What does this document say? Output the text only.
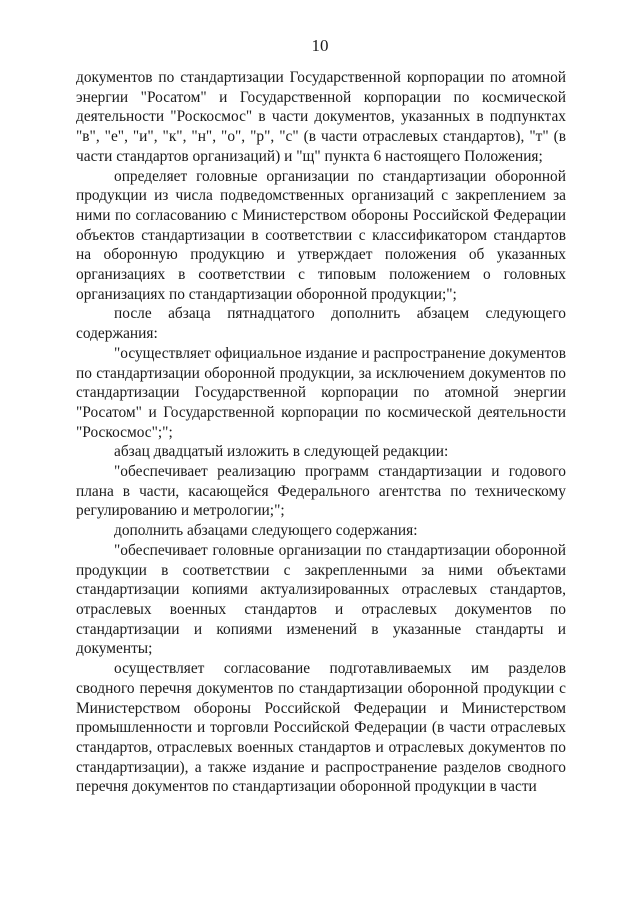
10

документов по стандартизации Государственной корпорации по атомной энергии "Росатом" и Государственной корпорации по космической деятельности "Роскосмос" в части документов, указанных в подпунктах "в", "е", "и", "к", "н", "о", "р", "с" (в части отраслевых стандартов), "т" (в части стандартов организаций) и "щ" пункта 6 настоящего Положения;

определяет головные организации по стандартизации оборонной продукции из числа подведомственных организаций с закреплением за ними по согласованию с Министерством обороны Российской Федерации объектов стандартизации в соответствии с классификатором стандартов на оборонную продукцию и утверждает положения об указанных организациях в соответствии с типовым положением о головных организациях по стандартизации оборонной продукции;";

после абзаца пятнадцатого дополнить абзацем следующего содержания:

"осуществляет официальное издание и распространение документов по стандартизации оборонной продукции, за исключением документов по стандартизации Государственной корпорации по атомной энергии "Росатом" и Государственной корпорации по космической деятельности "Роскосмос";";

абзац двадцатый изложить в следующей редакции:

"обеспечивает реализацию программ стандартизации и годового плана в части, касающейся Федерального агентства по техническому регулированию и метрологии;";

дополнить абзацами следующего содержания:

"обеспечивает головные организации по стандартизации оборонной продукции в соответствии с закрепленными за ними объектами стандартизации копиями актуализированных отраслевых стандартов, отраслевых военных стандартов и отраслевых документов по стандартизации и копиями изменений в указанные стандарты и документы;

осуществляет согласование подготавливаемых им разделов сводного перечня документов по стандартизации оборонной продукции с Министерством обороны Российской Федерации и Министерством промышленности и торговли Российской Федерации (в части отраслевых стандартов, отраслевых военных стандартов и отраслевых документов по стандартизации), а также издание и распространение разделов сводного перечня документов по стандартизации оборонной продукции в части
